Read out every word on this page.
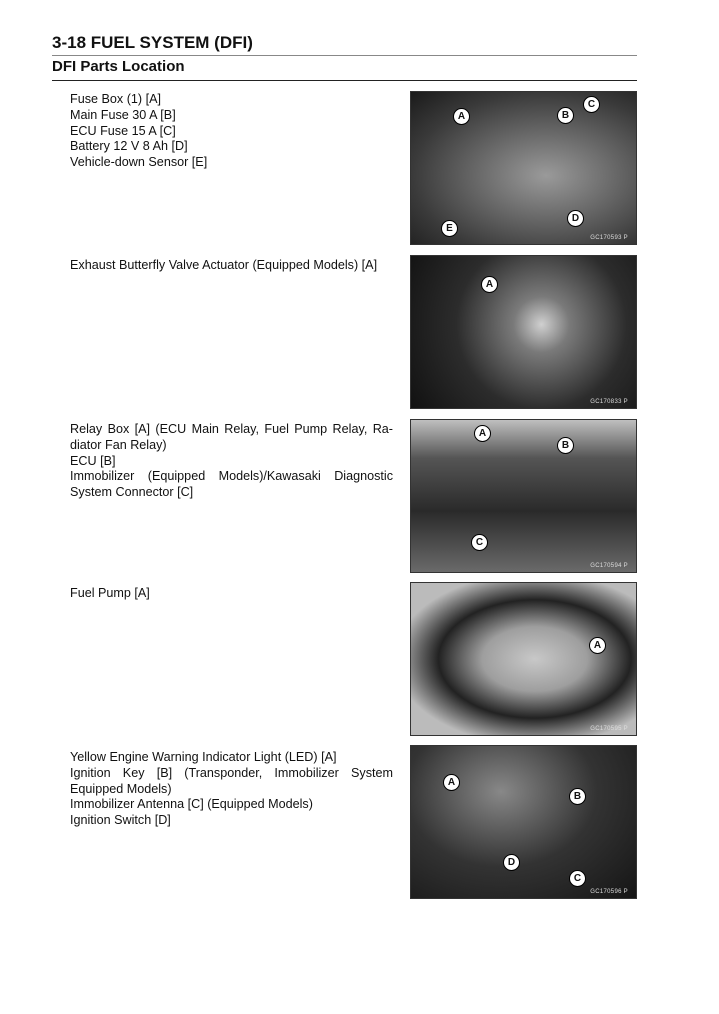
3-18 FUEL SYSTEM (DFI)
DFI Parts Location
Fuse Box (1) [A]
Main Fuse 30 A [B]
ECU Fuse 15 A [C]
Battery 12 V 8 Ah [D]
Vehicle-down Sensor [E]
A	B
C
D
E
GC170593 P
Exhaust Butterfly Valve Actuator (Equipped Models) [A]
A
GC170833 P
Relay Box [A] (ECU Main Relay, Fuel Pump Relay, Ra-diator Fan Relay)
ECU [B]
Immobilizer (Equipped Models)/Kawasaki Diagnostic System Connector [C]
A
B
C
GC170594 P
Fuel Pump [A]
A
GC170595 P
Yellow Engine Warning Indicator Light (LED) [A]
Ignition Key [B] (Transponder, Immobilizer System Equipped Models)
Immobilizer Antenna [C] (Equipped Models)
Ignition Switch [D]
A
B
C
D
GC170596 P
